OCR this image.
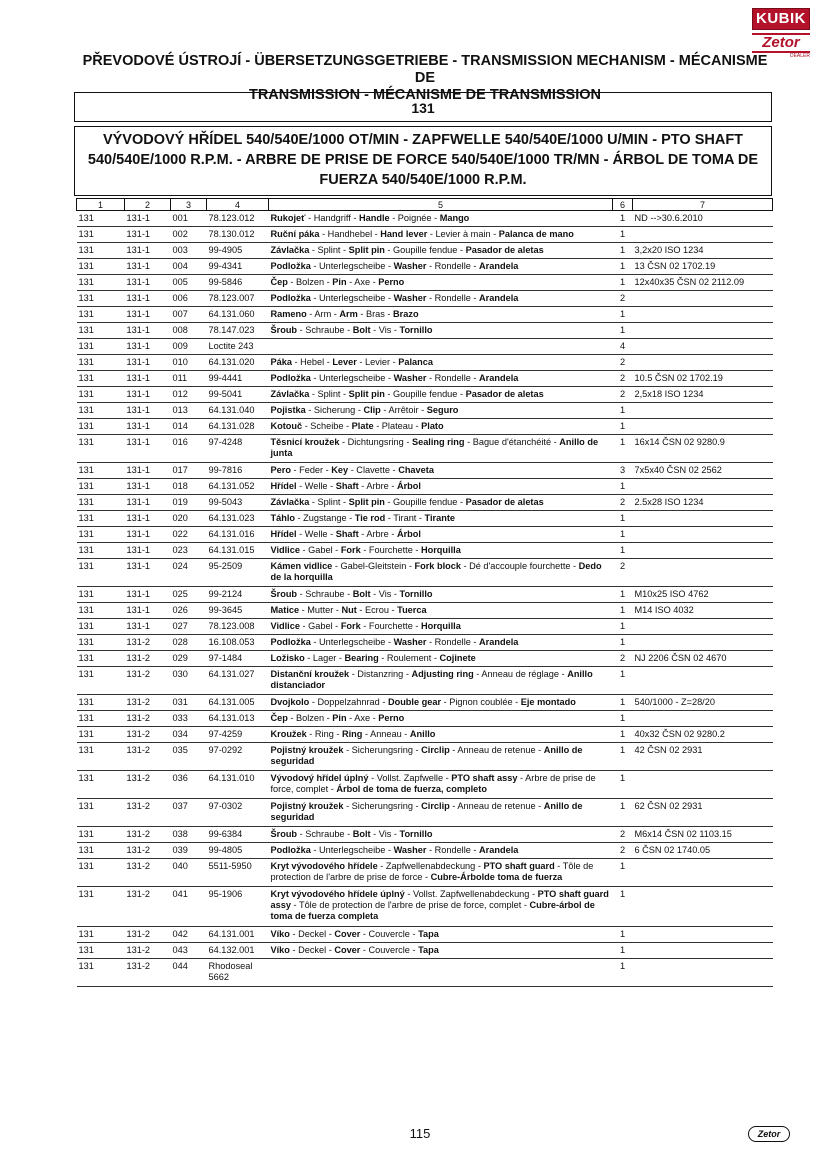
KUBIK
Zetor
DEALER
PŘEVODOVÉ ÚSTROJÍ - ÜBERSETZUNGSGETRIEBE - TRANSMISSION MECHANISM - MÉCANISME DE
TRANSMISSION - MÉCANISME DE TRANSMISSION
131
VÝVODOVÝ HŘÍDEL 540/540E/1000 OT/MIN - ZAPFWELLE 540/540E/1000 U/MIN - PTO SHAFT
540/540E/1000 R.P.M. - ARBRE DE PRISE DE FORCE 540/540E/1000 TR/MN - ÁRBOL DE TOMA DE
FUERZA 540/540E/1000 R.P.M.
1	2	3	4	5	6	7
131	131-1	001	78.123.012	Rukojeť - Handgriff - Handle - Poignée - Mango	1	ND -->30.6.2010
131	131-1	002	78.130.012	Ruční páka - Handhebel - Hand lever - Levier à main - Palanca de mano	1	
131	131-1	003	99-4905	Závlačka - Splint - Split pin - Goupille fendue - Pasador de aletas	1	3,2x20 ISO 1234
131	131-1	004	99-4341	Podložka - Unterlegscheibe - Washer - Rondelle - Arandela	1	13 ČSN 02 1702.19
131	131-1	005	99-5846	Čep - Bolzen - Pin - Axe - Perno	1	12x40x35 ČSN 02 2112.09
131	131-1	006	78.123.007	Podložka - Unterlegscheibe - Washer - Rondelle - Arandela	2	
131	131-1	007	64.131.060	Rameno - Arm - Arm - Bras - Brazo	1	
131	131-1	008	78.147.023	Šroub - Schraube - Bolt - Vis - Tornillo	1	
131	131-1	009	Loctite 243		4	
131	131-1	010	64.131.020	Páka - Hebel - Lever - Levier - Palanca	2	
131	131-1	011	99-4441	Podložka - Unterlegscheibe - Washer - Rondelle - Arandela	2	10.5 ČSN 02 1702.19
131	131-1	012	99-5041	Závlačka - Splint - Split pin - Goupille fendue - Pasador de aletas	2	2,5x18 ISO 1234
131	131-1	013	64.131.040	Pojistka - Sicherung - Clip - Arrêtoir - Seguro	1	
131	131-1	014	64.131.028	Kotouč - Scheibe - Plate - Plateau - Plato	1	
131	131-1	016	97-4248	Těsnicí kroužek - Dichtungsring - Sealing ring - Bague d'étanchéité - Anillo de junta	1	16x14 ČSN 02 9280.9
131	131-1	017	99-7816	Pero - Feder - Key - Clavette - Chaveta	3	7x5x40 ČSN 02 2562
131	131-1	018	64.131.052	Hřídel - Welle - Shaft - Arbre - Árbol	1	
131	131-1	019	99-5043	Závlačka - Splint - Split pin - Goupille fendue - Pasador de aletas	2	2.5x28 ISO 1234
131	131-1	020	64.131.023	Táhlo - Zugstange - Tie rod - Tirant - Tirante	1	
131	131-1	022	64.131.016	Hřídel - Welle - Shaft - Arbre - Árbol	1	
131	131-1	023	64.131.015	Vidlice - Gabel - Fork - Fourchette - Horquilla	1	
131	131-1	024	95-2509	Kámen vidlice - Gabel-Gleitstein - Fork block - Dé d'accouple fourchette - Dedo de la horquilla	2	
131	131-1	025	99-2124	Šroub - Schraube - Bolt - Vis - Tornillo	1	M10x25 ISO 4762
131	131-1	026	99-3645	Matice - Mutter - Nut - Ecrou - Tuerca	1	M14 ISO 4032
131	131-1	027	78.123.008	Vidlice - Gabel - Fork - Fourchette - Horquilla	1	
131	131-2	028	16.108.053	Podložka - Unterlegscheibe - Washer - Rondelle - Arandela	1	
131	131-2	029	97-1484	Ložisko - Lager - Bearing - Roulement - Cojinete	2	NJ 2206 ČSN 02 4670
131	131-2	030	64.131.027	Distanční kroužek - Distanzring - Adjusting ring - Anneau de réglage - Anillo distanciador	1	
131	131-2	031	64.131.005	Dvojkolo - Doppelzahnrad - Double gear - Pignon coublée - Eje montado	1	540/1000 - Z=28/20
131	131-2	033	64.131.013	Čep - Bolzen - Pin - Axe - Perno	1	
131	131-2	034	97-4259	Kroužek - Ring - Ring - Anneau - Anillo	1	40x32 ČSN 02 9280.2
131	131-2	035	97-0292	Pojistný kroužek - Sicherungsring - Circlip - Anneau de retenue - Anillo de seguridad	1	42 ČSN 02 2931
131	131-2	036	64.131.010	Vývodový hřídel úplný - Vollst. Zapfwelle - PTO shaft assy - Arbre de prise de force, complet - Árbol de toma de fuerza, completo	1	
131	131-2	037	97-0302	Pojistný kroužek - Sicherungsring - Circlip - Anneau de retenue - Anillo de seguridad	1	62 ČSN 02 2931
131	131-2	038	99-6384	Šroub - Schraube - Bolt - Vis - Tornillo	2	M6x14 ČSN 02 1103.15
131	131-2	039	99-4805	Podložka - Unterlegscheibe - Washer - Rondelle - Arandela	2	6 ČSN 02 1740.05
131	131-2	040	5511-5950	Kryt vývodového hřídele - Zapfwellenabdeckung - PTO shaft guard - Tôle de protection de l'arbre de prise de force - Cubre-Árbolde toma de fuerza	1	
131	131-2	041	95-1906	Kryt vývodového hřídele úplný - Vollst. Zapfwellenabdeckung - PTO shaft guard assy - Tôle de protection de l'arbre de prise de force, complet - Cubre-árbol de toma de fuerza completa	1	
131	131-2	042	64.131.001	Víko - Deckel - Cover - Couvercle - Tapa	1	
131	131-2	043	64.132.001	Víko - Deckel - Cover - Couvercle - Tapa	1	
131	131-2	044	Rhodoseal 5662		1	
115	Zetor
